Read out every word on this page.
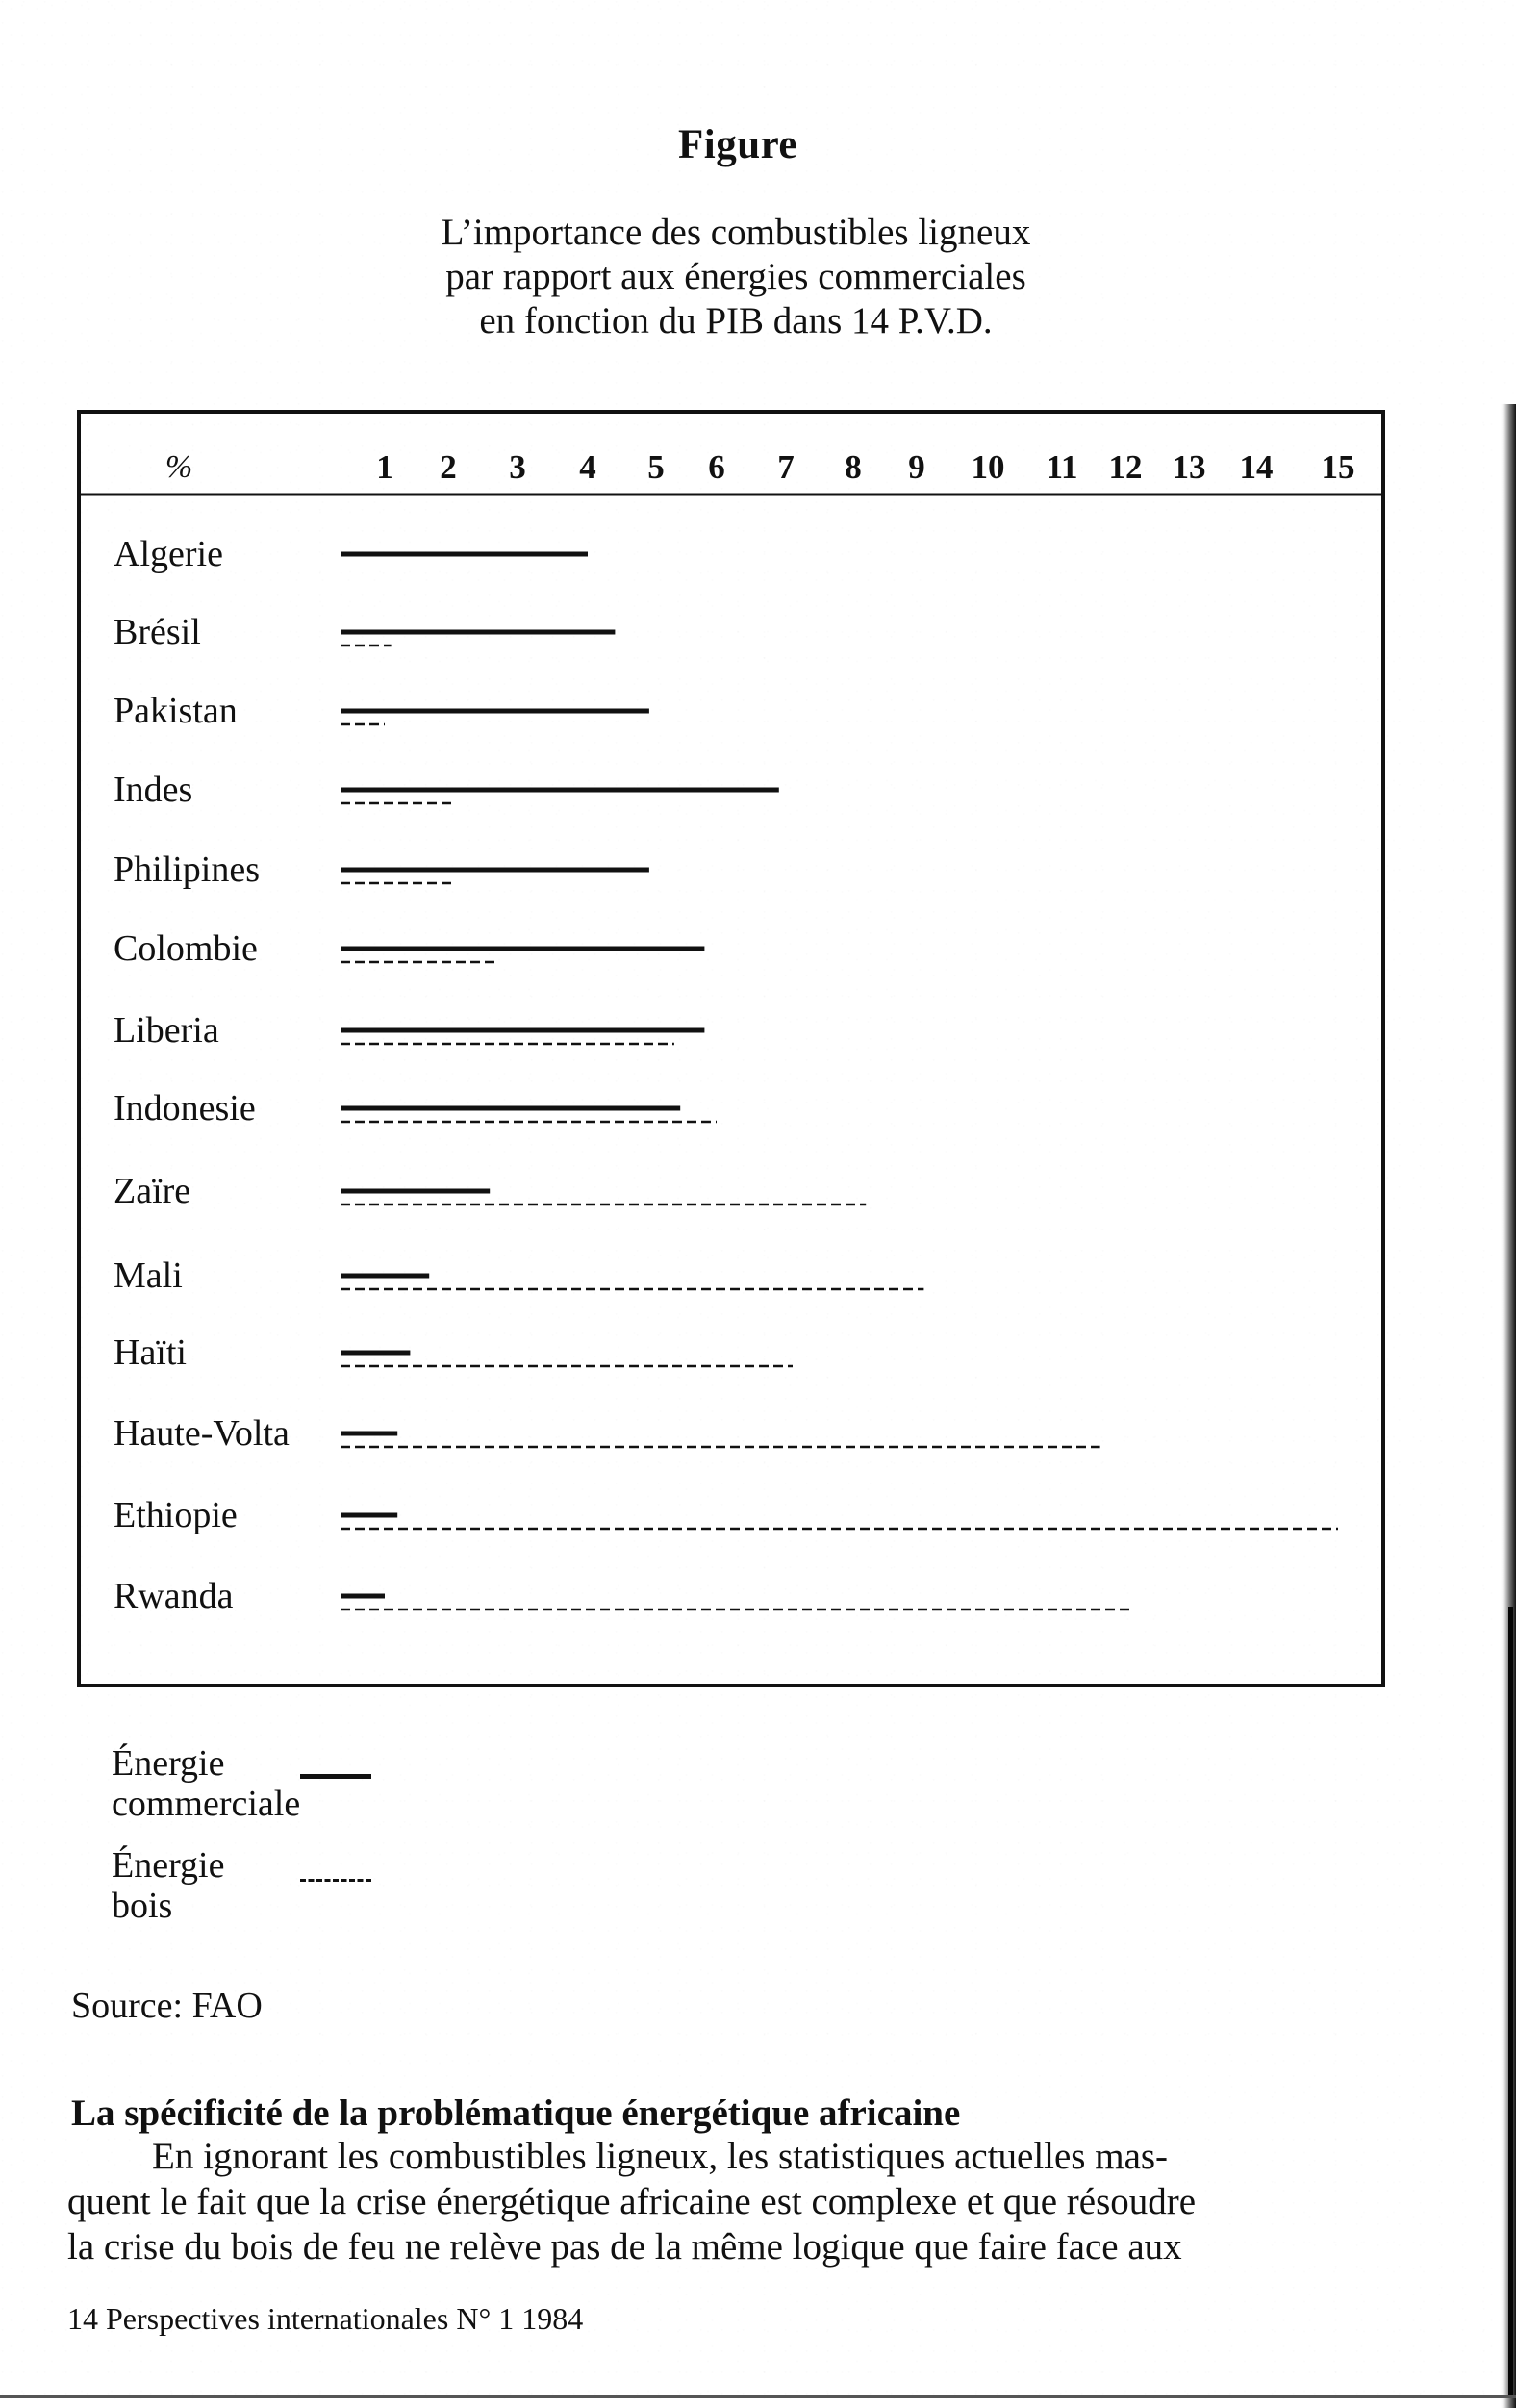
Figure
L’importance des combustibles ligneux
par rapport aux énergies commerciales
en fonction du PIB dans 14 P.V.D.
%	1 2 3 4 5 6 7 8 9 10 11 12 13 14 15
Algerie
Brésil
Pakistan
Indes
Philipines
Colombie
Liberia
Indonesie
Zaïre
Mali
Haïti
Haute-Volta
Ethiopie
Rwanda
Énergie
commerciale
Énergie
bois
Source: FAO
La spécificité de la problématique énergétique africaine
En ignorant les combustibles ligneux, les statistiques actuelles mas-
quent le fait que la crise énergétique africaine est complexe et que résoudre
la crise du bois de feu ne relève pas de la même logique que faire face aux
14 Perspectives internationales N° 1 1984
